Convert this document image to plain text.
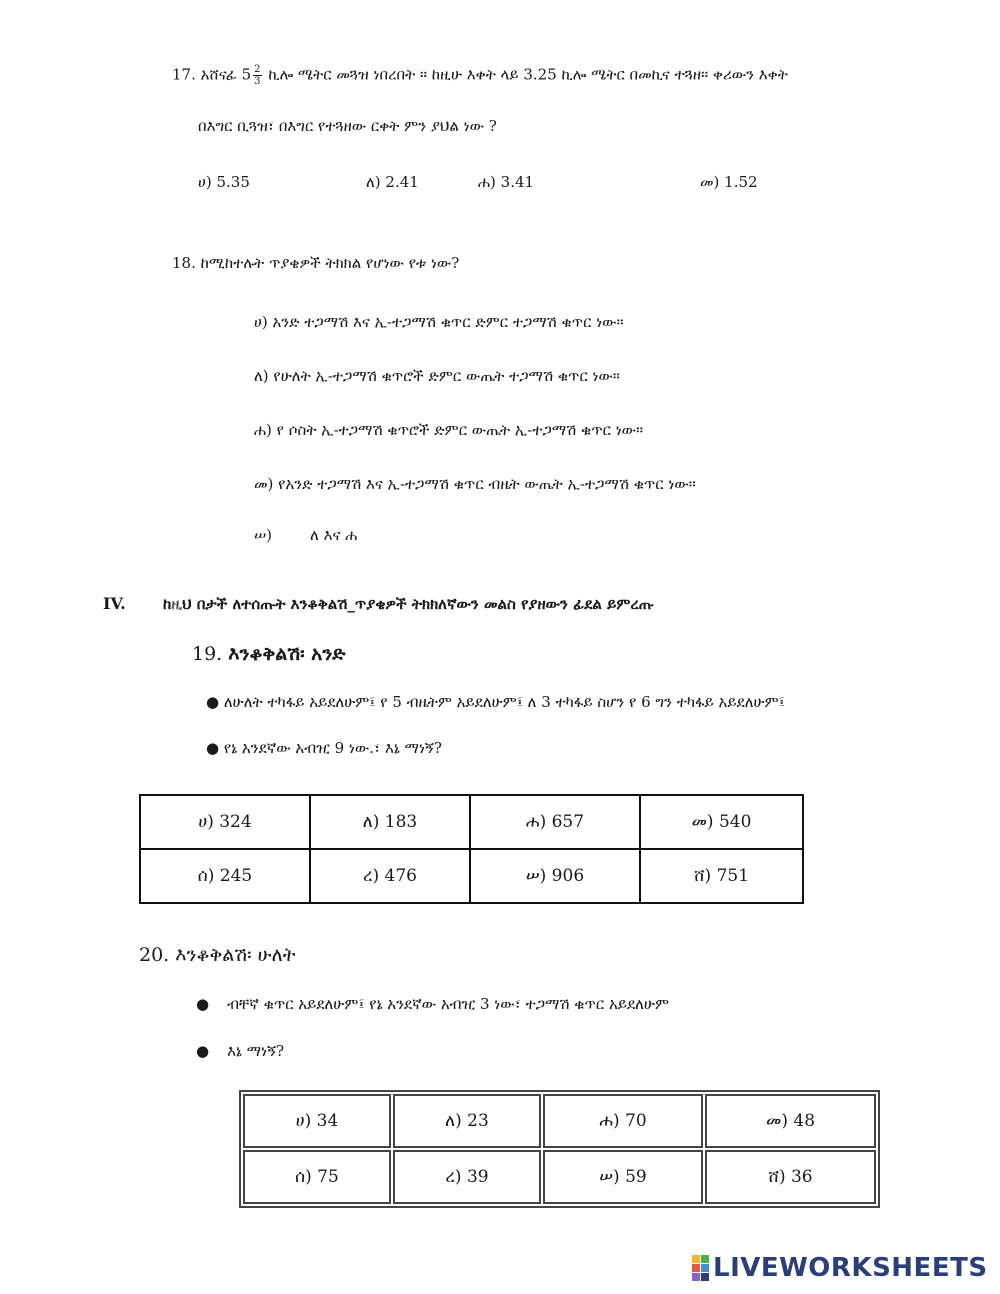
17. አሸናፊ $5 \frac{2}{3}$ ኪሎ ሜትር መጓዝ ነበረበት ፡፡ ከዚሁ እቀት ላይ 3.25 ኪሎ ሜትር በመኪና ተጓዘ፡፡ ቀሪውን እቀት
በእግር ቢጓዝ፣ በእግር የተጓዘው ርቀት ምን ያህል ነው ?
ሀ) 5.35	ለ) 2.41	ሐ) 3.41	መ) 1.52
18. ከሚከተሉት ጥያቄዎች ትክክል የሆነው የቱ ነው?
ሀ) አንድ ተጋማሽ እና ኢ-ተጋማሽ ቁጥር ድምር ተጋማሽ ቁጥር ነው።
ለ) የሁለት ኢ-ተጋማሽ ቁጥሮች ድምር ውጤት ተጋማሽ ቁጥር ነው።
ሐ) የ ሶስት ኢ-ተጋማሽ ቁጥሮች ድምር ውጤት ኢ-ተጋማሽ ቁጥር ነው።
መ) የአንድ ተጋማሽ እና ኢ-ተጋማሽ ቁጥር ብዜት ውጤት ኢ-ተጋማሽ ቁጥር ነው።
ሠ)	ለ እና ሐ
IV. ከዚህ በታች ለተሰጡት እንቆቅልሽ_ጥያቄዎች ትክክለኛውን መልስ የያዘውን ፊደል ይምረጡ
19. እንቆቅልሽ፡ አንድ
● ለሁለት ተካፋይ አይደለሁም፤ የ 5 ብዜትም አይደለሁም፤ ለ 3 ተካፋይ ስሆን የ 6 ግን ተካፋይ አይደለሁም፤
● የኔ አንደኛው አብዢ 9 ነው.፣ እኔ ማነኝ?
ሀ) 324	ለ) 183	ሐ) 657	መ) 540
ሰ) 245	ረ) 476	ሠ) 906	ሸ) 751
20. እንቆቅልሽ፡ ሁለት
● ብቸኛ ቁጥር አይደለሁም፤ የኔ አንደኛው አብዢ 3 ነው፣ ተጋማሽ ቁጥር አይደለሁም
● እኔ ማነኝ?
ሀ) 34	ለ) 23	ሐ) 70	መ) 48
ሰ) 75	ረ) 39	ሠ) 59	ሸ) 36
LIVEWORKSHEETS
